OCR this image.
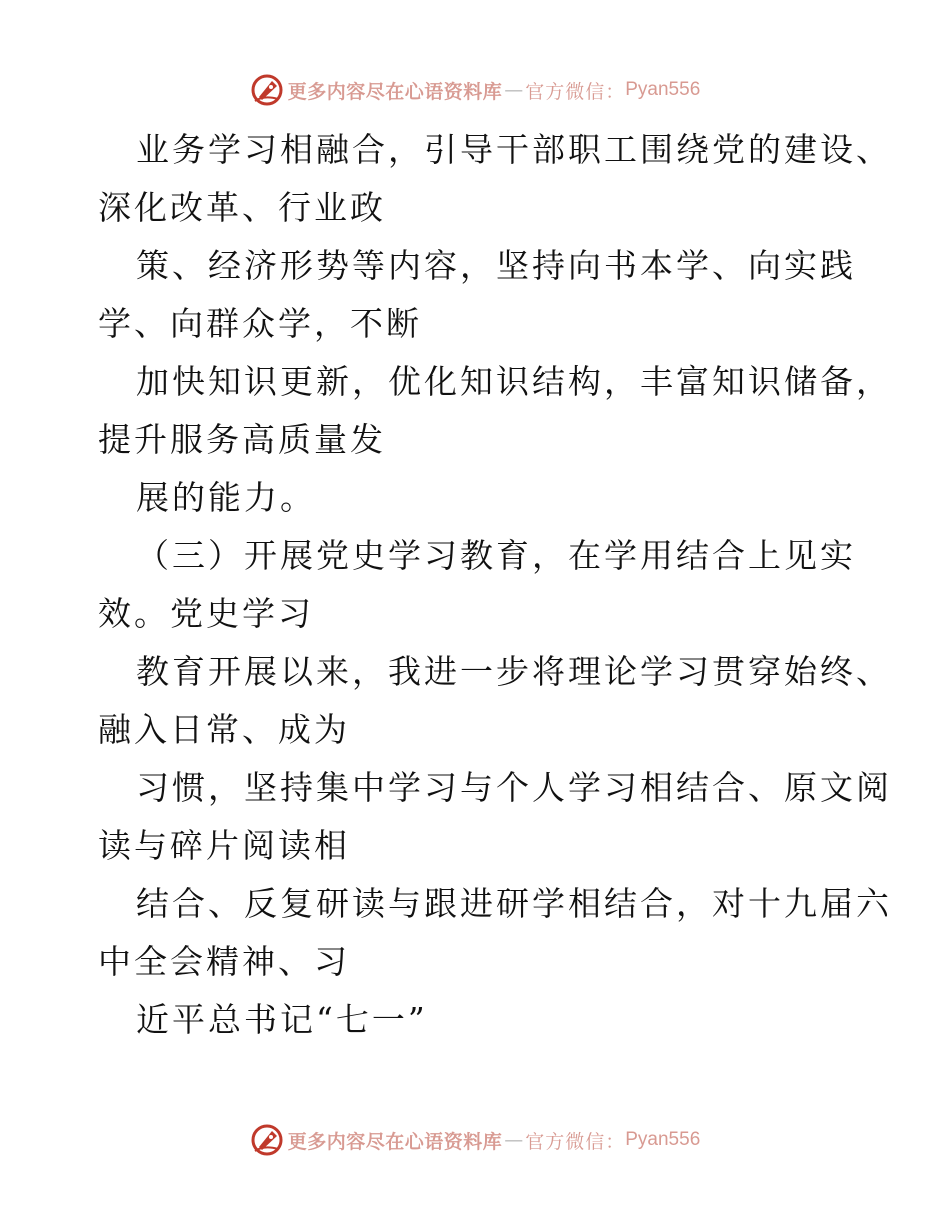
更多内容尽在心语资料库 — 官方微信： Pyan556
业务学习相融合，引导干部职工围绕党的建设、
深化改革、行业政
策、经济形势等内容，坚持向书本学、向实践
学、向群众学，不断
加快知识更新，优化知识结构，丰富知识储备，
提升服务高质量发
展的能力。
（三）开展党史学习教育，在学用结合上见实
效。党史学习
教育开展以来，我进一步将理论学习贯穿始终、
融入日常、成为
习惯，坚持集中学习与个人学习相结合、原文阅
读与碎片阅读相
结合、反复研读与跟进研学相结合，对十九届六
中全会精神、习
近平总书记“七一”
更多内容尽在心语资料库 — 官方微信： Pyan556
